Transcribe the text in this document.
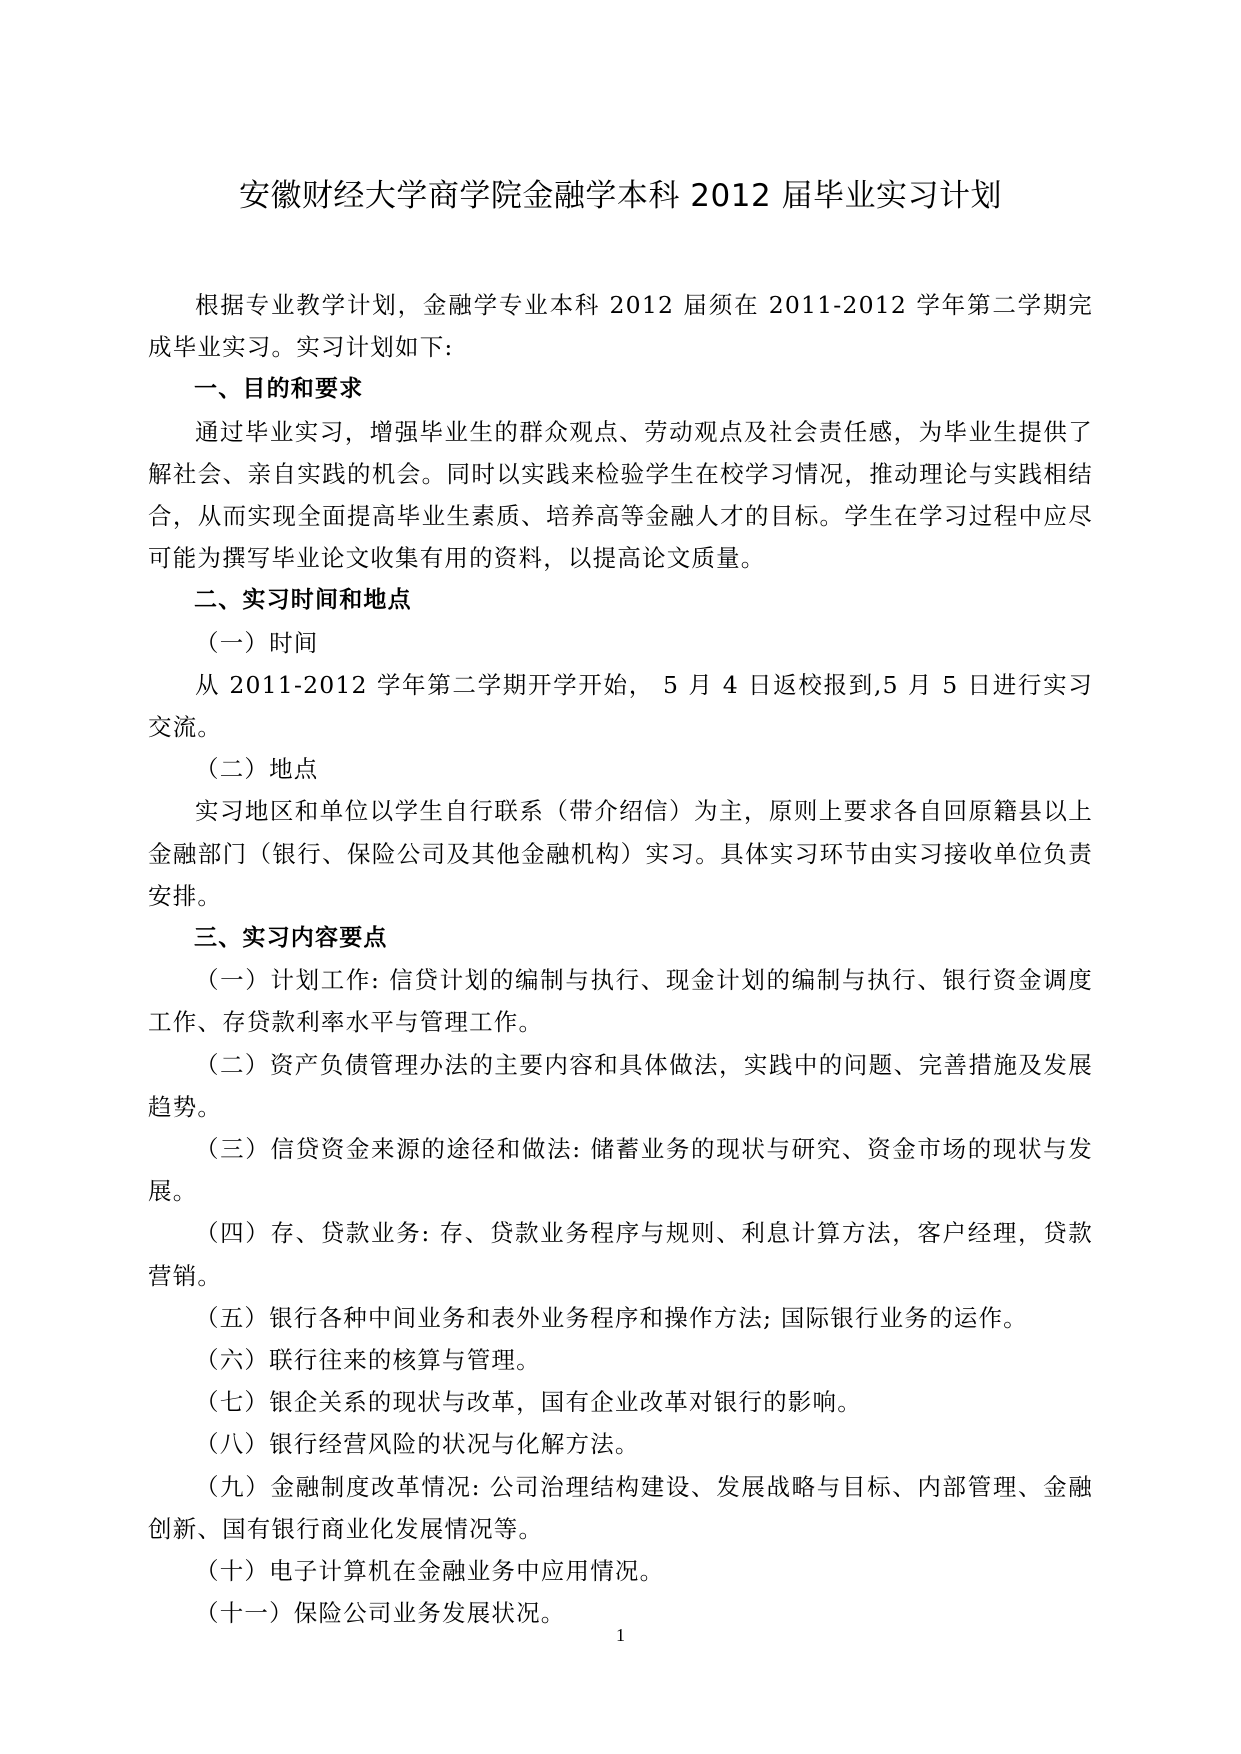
安徽财经大学商学院金融学本科 2012 届毕业实习计划

根据专业教学计划，金融学专业本科 2012 届须在 2011-2012 学年第二学期完成毕业实习。实习计划如下:

一、目的和要求

通过毕业实习，增强毕业生的群众观点、劳动观点及社会责任感，为毕业生提供了解社会、亲自实践的机会。同时以实践来检验学生在校学习情况，推动理论与实践相结合，从而实现全面提高毕业生素质、培养高等金融人才的目标。学生在学习过程中应尽可能为撰写毕业论文收集有用的资料，以提高论文质量。

二、实习时间和地点

（一）时间

从 2011-2012 学年第二学期开学开始， 5 月 4 日返校报到,5 月 5 日进行实习交流。

（二）地点

实习地区和单位以学生自行联系（带介绍信）为主，原则上要求各自回原籍县以上金融部门（银行、保险公司及其他金融机构）实习。具体实习环节由实习接收单位负责安排。

三、实习内容要点

（一）计划工作: 信贷计划的编制与执行、现金计划的编制与执行、银行资金调度工作、存贷款利率水平与管理工作。

（二）资产负债管理办法的主要内容和具体做法，实践中的问题、完善措施及发展趋势。

（三）信贷资金来源的途径和做法: 储蓄业务的现状与研究、资金市场的现状与发展。

（四）存、贷款业务: 存、贷款业务程序与规则、利息计算方法，客户经理，贷款营销。

（五）银行各种中间业务和表外业务程序和操作方法; 国际银行业务的运作。

（六）联行往来的核算与管理。

（七）银企关系的现状与改革，国有企业改革对银行的影响。

（八）银行经营风险的状况与化解方法。

（九）金融制度改革情况: 公司治理结构建设、发展战略与目标、内部管理、金融创新、国有银行商业化发展情况等。

（十）电子计算机在金融业务中应用情况。

（十一）保险公司业务发展状况。

1
